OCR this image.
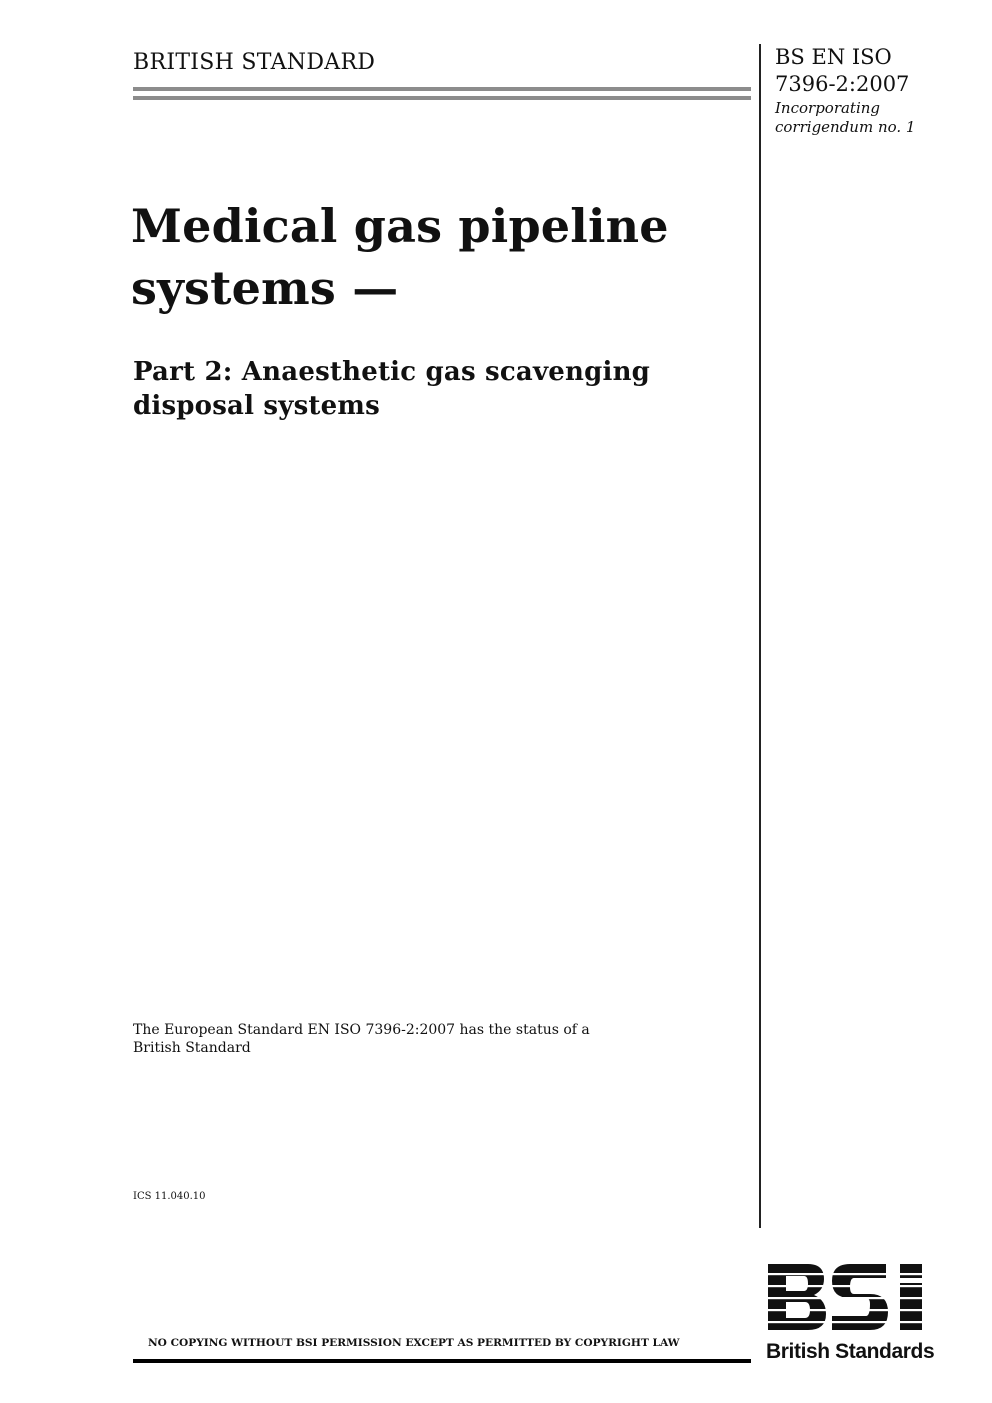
BRITISH STANDARD	BS EN ISO
7396-2:2007
Incorporating
corrigendum no. 1
Medical gas pipeline
systems —
Part 2: Anaesthetic gas scavenging
disposal systems
The European Standard EN ISO 7396-2:2007 has the status of a
British Standard
ICS 11.040.10
NO COPYING WITHOUT BSI PERMISSION EXCEPT AS PERMITTED BY COPYRIGHT LAW	British Standards
